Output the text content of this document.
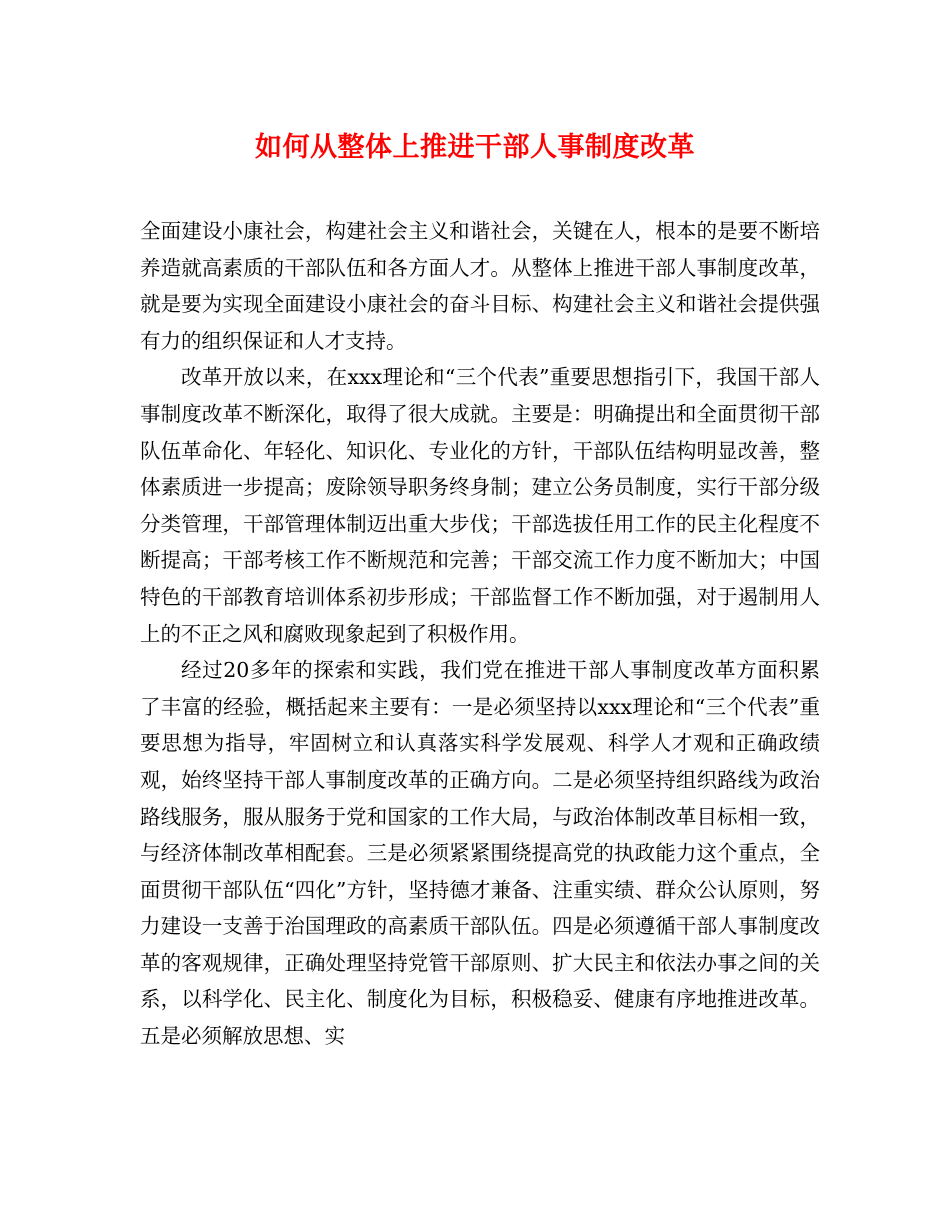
如何从整体上推进干部人事制度改革

全面建设小康社会，构建社会主义和谐社会，关键在人，根本的是要不断培养造就高素质的干部队伍和各方面人才。从整体上推进干部人事制度改革，就是要为实现全面建设小康社会的奋斗目标、构建社会主义和谐社会提供强有力的组织保证和人才支持。

改革开放以来，在xxx理论和“三个代表”重要思想指引下，我国干部人事制度改革不断深化，取得了很大成就。主要是：明确提出和全面贯彻干部队伍革命化、年轻化、知识化、专业化的方针，干部队伍结构明显改善，整体素质进一步提高；废除领导职务终身制；建立公务员制度，实行干部分级分类管理，干部管理体制迈出重大步伐；干部选拔任用工作的民主化程度不断提高；干部考核工作不断规范和完善；干部交流工作力度不断加大；中国特色的干部教育培训体系初步形成；干部监督工作不断加强，对于遏制用人上的不正之风和腐败现象起到了积极作用。

经过20多年的探索和实践，我们党在推进干部人事制度改革方面积累了丰富的经验，概括起来主要有：一是必须坚持以xxx理论和“三个代表”重要思想为指导，牢固树立和认真落实科学发展观、科学人才观和正确政绩观，始终坚持干部人事制度改革的正确方向。二是必须坚持组织路线为政治路线服务，服从服务于党和国家的工作大局，与政治体制改革目标相一致，与经济体制改革相配套。三是必须紧紧围绕提高党的执政能力这个重点，全面贯彻干部队伍“四化”方针，坚持德才兼备、注重实绩、群众公认原则，努力建设一支善于治国理政的高素质干部队伍。四是必须遵循干部人事制度改革的客观规律，正确处理坚持党管干部原则、扩大民主和依法办事之间的关系，以科学化、民主化、制度化为目标，积极稳妥、健康有序地推进改革。五是必须解放思想、实
